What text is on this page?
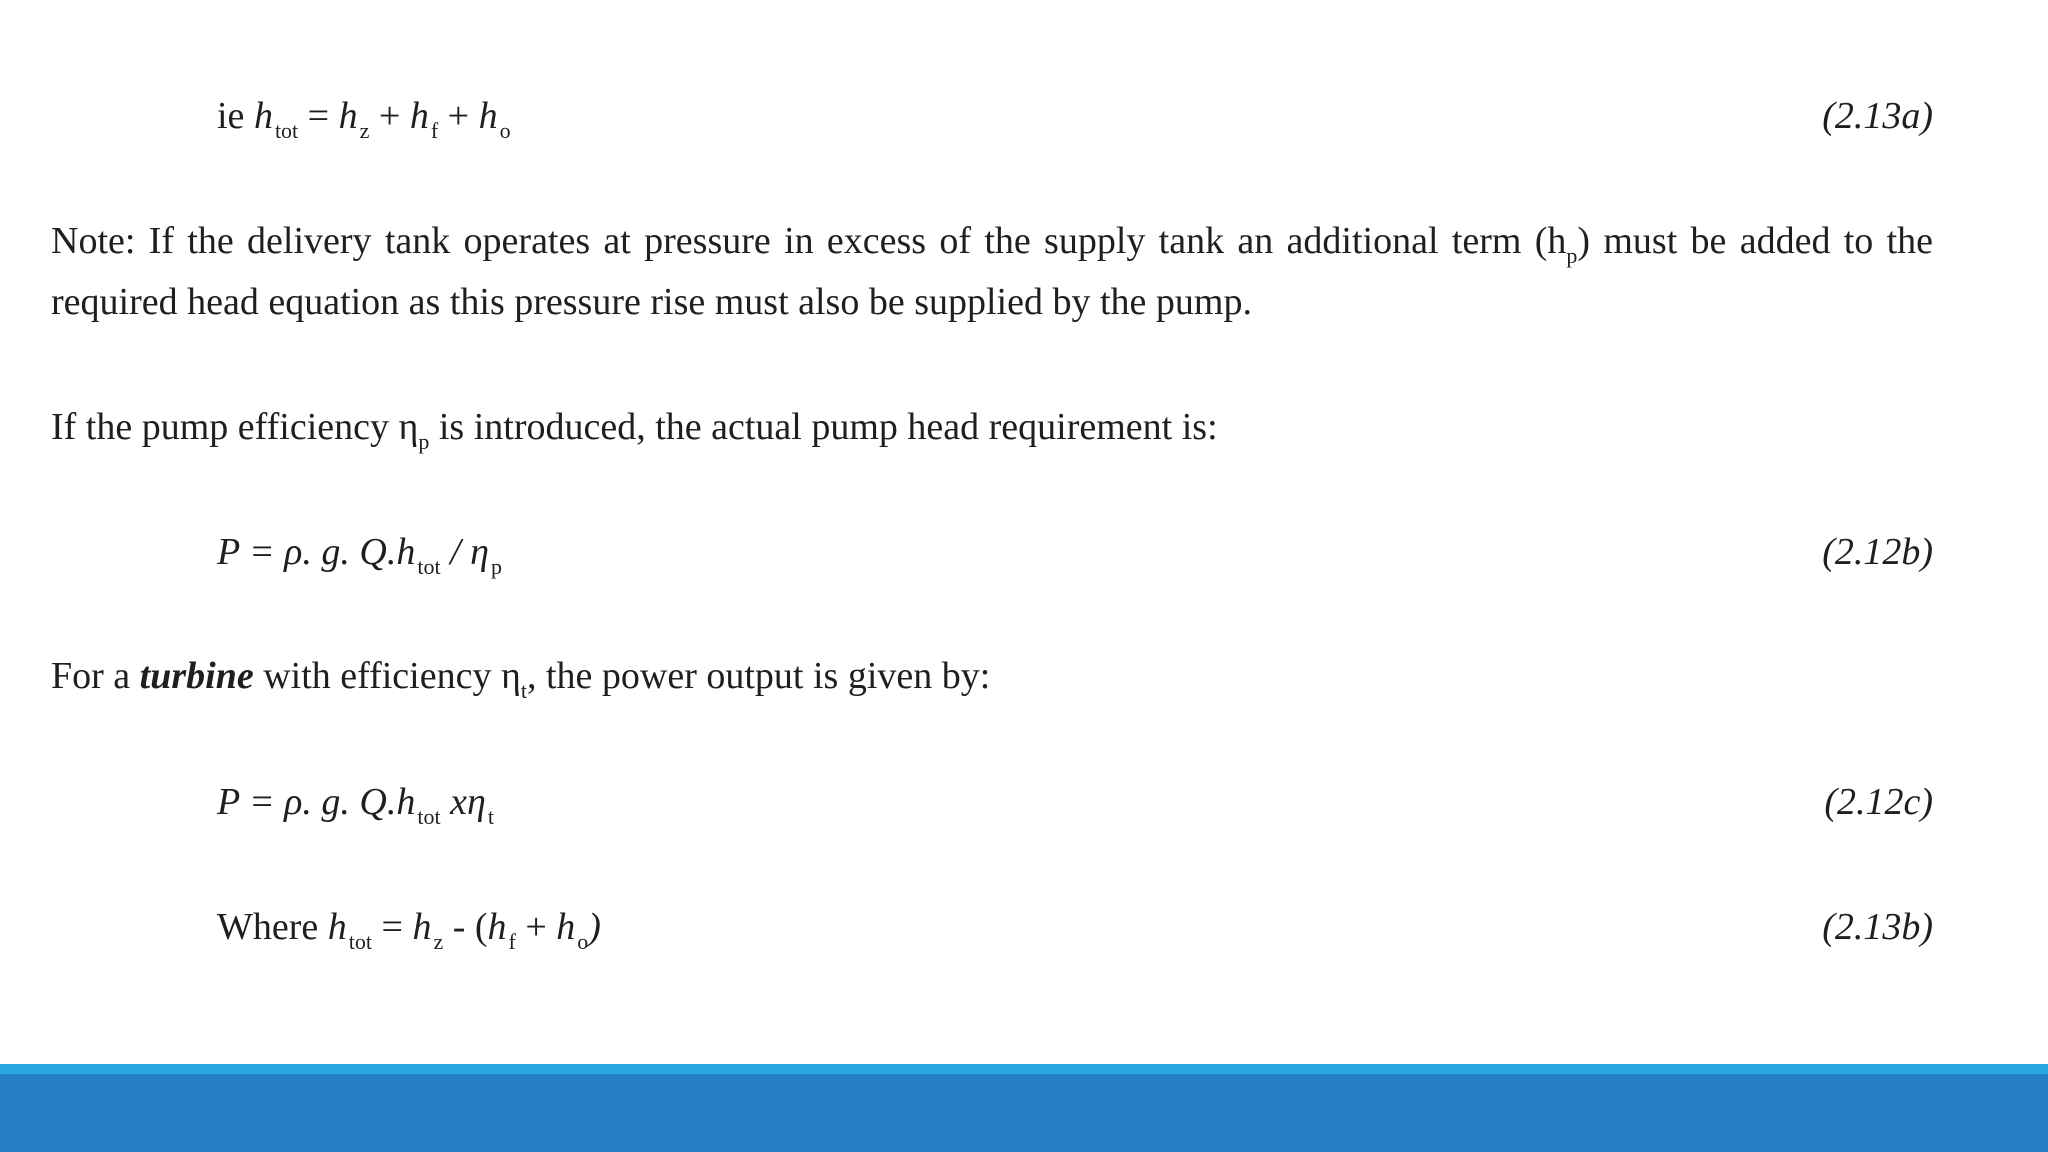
ie $h_{tot} = h_z + h_f + h_o$	(2.13a)
Note: If the delivery tank operates at pressure in excess of the supply tank an additional term $(h_p)$ must be added to the required head equation as this pressure rise must also be supplied by the pump.
If the pump efficiency $\eta_p$ is introduced, the actual pump head requirement is:
P = ρ. g. $Q.h_{tot} / \eta_p$	(2.12b)
For a turbine with efficiency $\eta_t$, the power output is given by:
P = ρ. g. $Q.h_{tot}$ $x\eta_t$	(2.12c)
Where $h_{tot} = h_z - (h_f + h_o)$	(2.13b)
